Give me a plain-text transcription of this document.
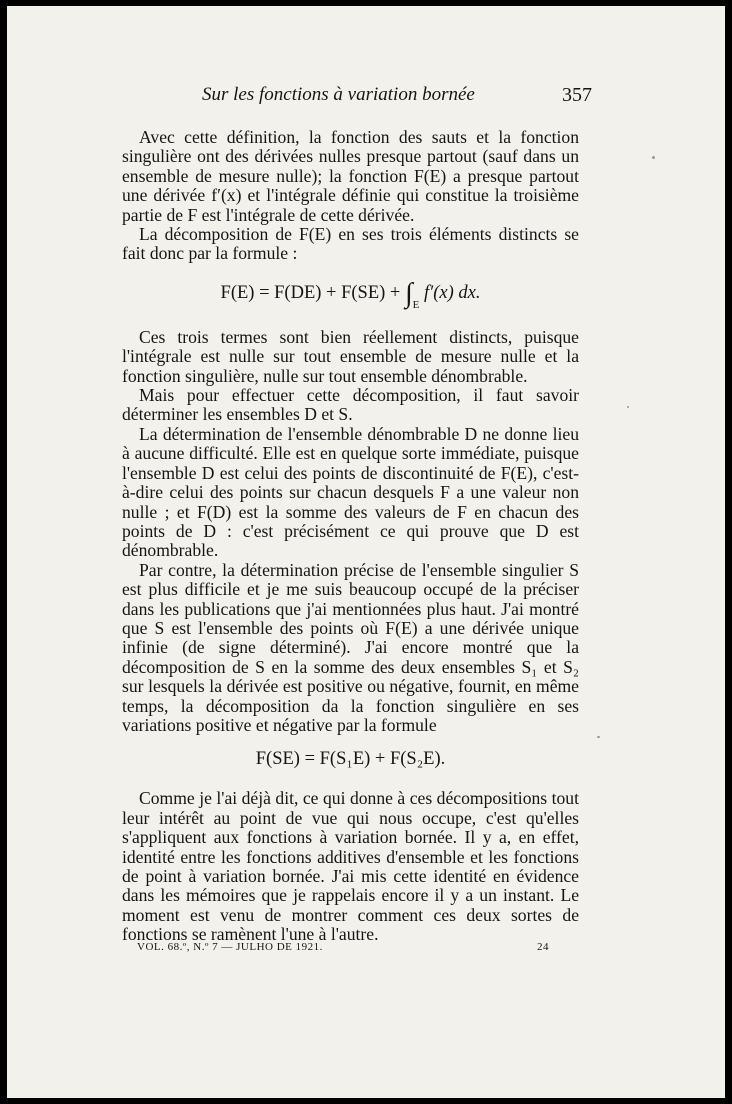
Sur les fonctions à variation bornée	357

Avec cette définition, la fonction des sauts et la fonction singulière ont des dérivées nulles presque partout (sauf dans un ensemble de mesure nulle); la fonction F(E) a presque partout une dérivée f′(x) et l'intégrale définie qui constitue la troisième partie de F est l'intégrale de cette dérivée.

La décomposition de F(E) en ses trois éléments distincts se fait donc par la formule :

$F(E) = F(DE) + F(SE) + \int_E$ f′(x) dx.

Ces trois termes sont bien réellement distincts, puisque l'intégrale est nulle sur tout ensemble de mesure nulle et la fonction singulière, nulle sur tout ensemble dénombrable.

Mais pour effectuer cette décomposition, il faut savoir déterminer les ensembles D et S.

La détermination de l'ensemble dénombrable D ne donne lieu à aucune difficulté. Elle est en quelque sorte immédiate, puisque l'ensemble D est celui des points de discontinuité de F(E), c'est-à-dire celui des points sur chacun desquels F a une valeur non nulle ; et F(D) est la somme des valeurs de F en chacun des points de D : c'est précisément ce qui prouve que D est dénombrable.

Par contre, la détermination précise de l'ensemble singulier S est plus difficile et je me suis beaucoup occupé de la préciser dans les publications que j'ai mentionnées plus haut. J'ai montré que S est l'ensemble des points où F(E) a une dérivée unique infinie (de signe déterminé). J'ai encore montré que la décomposition de S en la somme des deux ensembles S₁ et S₂ sur lesquels la dérivée est positive ou négative, fournit, en même temps, la décomposition da la fonction singulière en ses variations positive et négative par la formule

F(SE) = F(S₁E) + F(S₂E).

Comme je l'ai déjà dit, ce qui donne à ces décompositions tout leur intérêt au point de vue qui nous occupe, c'est qu'elles s'appliquent aux fonctions à variation bornée. Il y a, en effet, identité entre les fonctions additives d'ensemble et les fonctions de point à variation bornée. J'ai mis cette identité en évidence dans les mémoires que je rappelais encore il y a un instant. Le moment est venu de montrer comment ces deux sortes de fonctions se ramènent l'une à l'autre.

VOL. 68.º, N.º 7 — JULHO DE 1921.	24
